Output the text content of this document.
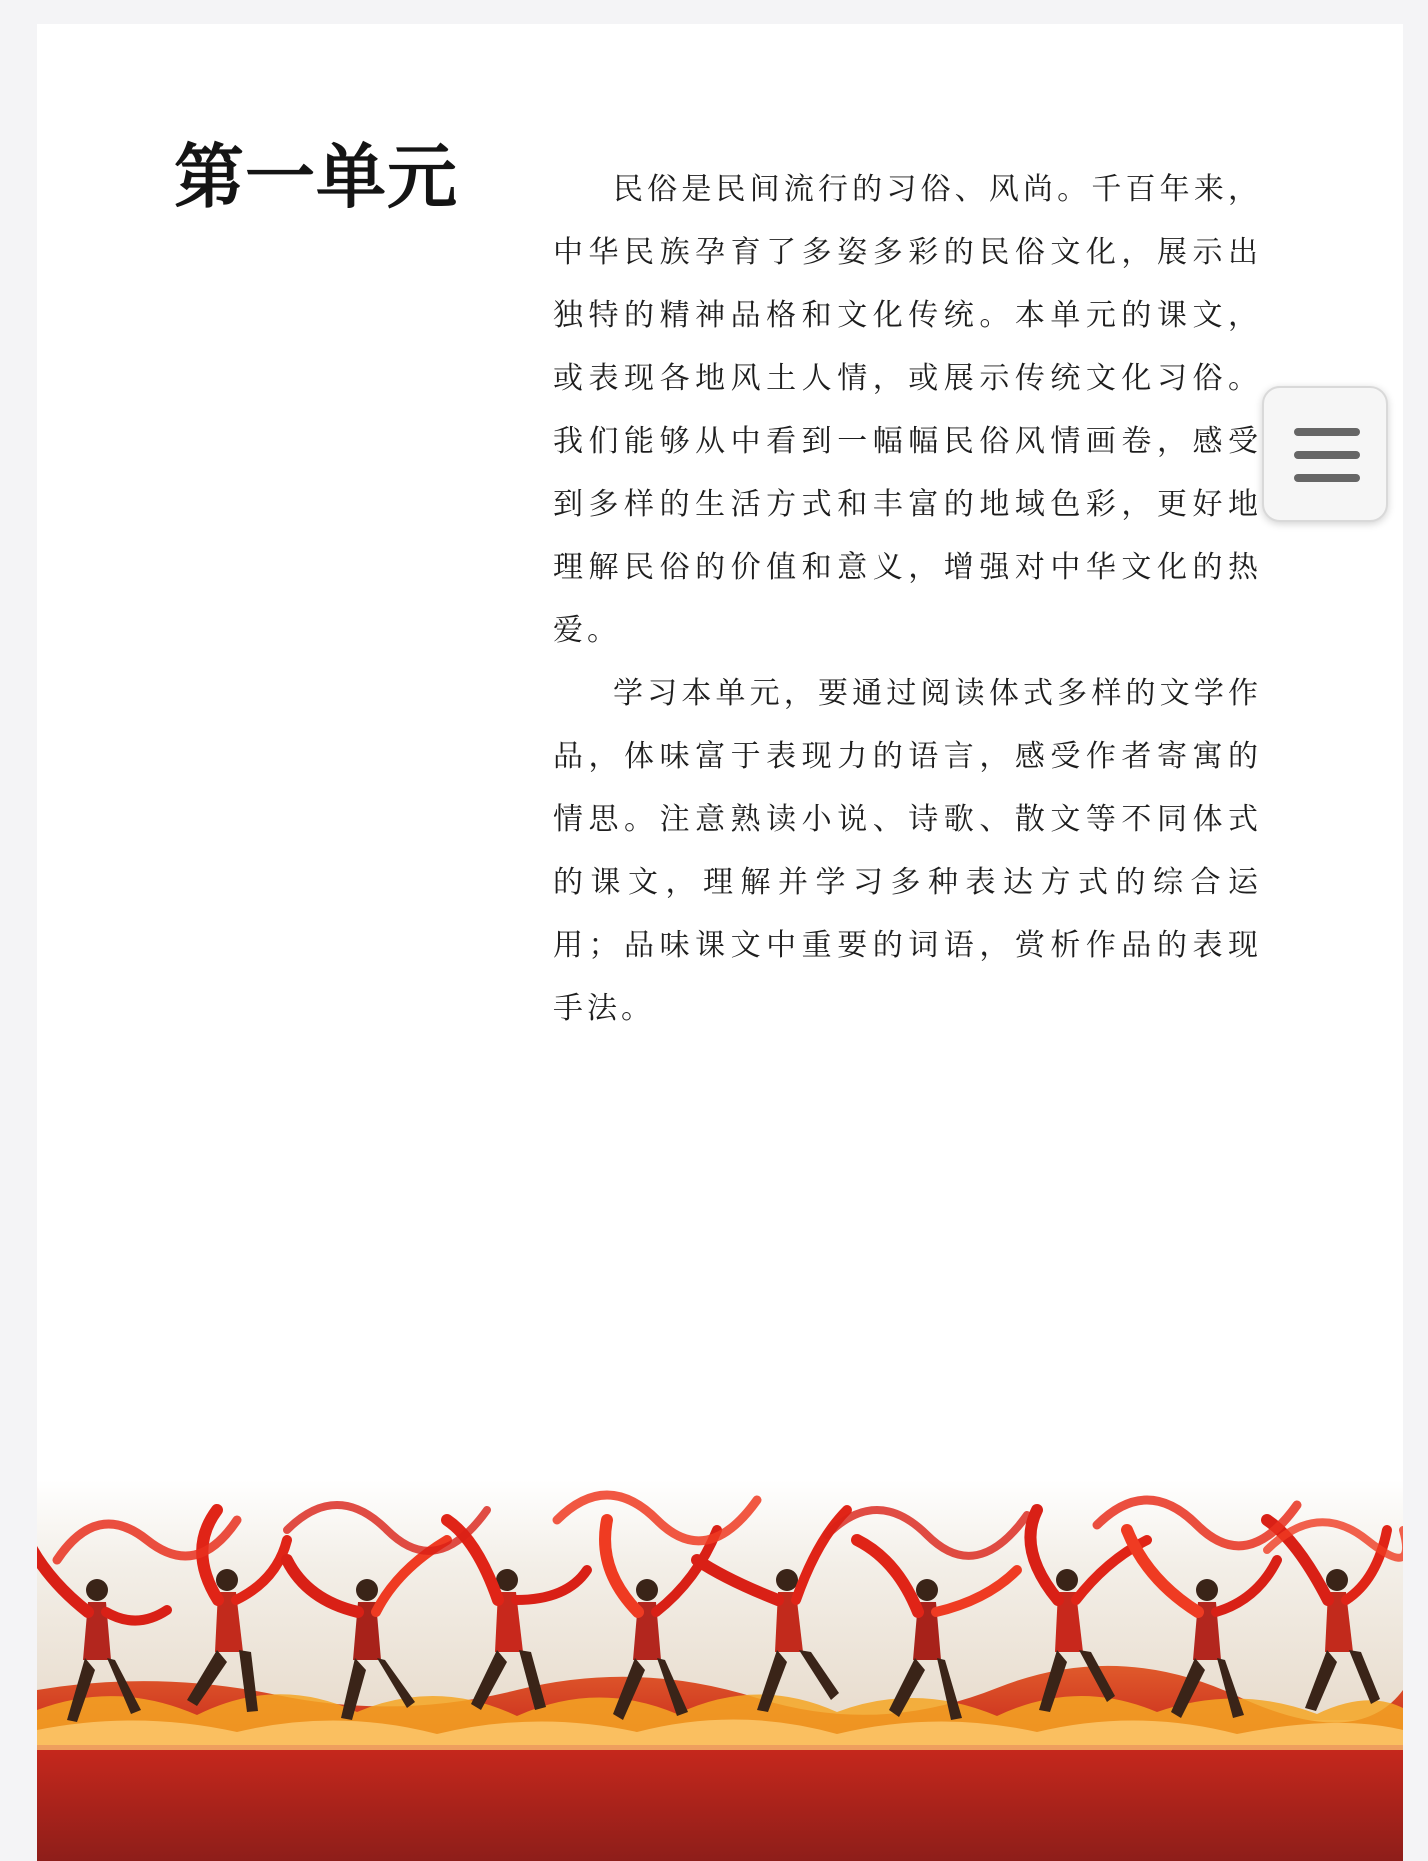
第一单元	民俗是民间流行的习俗、风尚。千百年来，中华民族孕育了多姿多彩的民俗文化，展示出独特的精神品格和文化传统。本单元的课文，或表现各地风土人情，或展示传统文化习俗。我们能够从中看到一幅幅民俗风情画卷，感受到多样的生活方式和丰富的地域色彩，更好地理解民俗的价值和意义，增强对中华文化的热爱。

学习本单元，要通过阅读体式多样的文学作品，体味富于表现力的语言，感受作者寄寓的情思。注意熟读小说、诗歌、散文等不同体式的课文，理解并学习多种表达方式的综合运用；品味课文中重要的词语，赏析作品的表现手法。
